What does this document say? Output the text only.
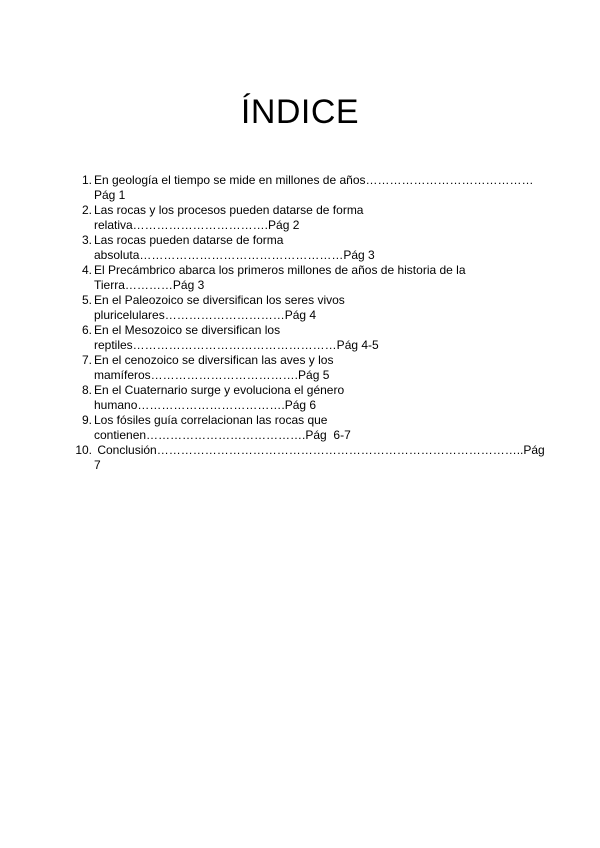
ÍNDICE
1. En geología el tiempo se mide en millones de años……………………………………
Pág 1
2. Las rocas y los procesos pueden datarse de forma
relativa…………………………….Pág 2
3. Las rocas pueden datarse de forma
absoluta……………………………………………Pág 3
4. El Precámbrico abarca los primeros millones de años de historia de la
Tierra…………Pág 3
5. En el Paleozoico se diversifican los seres vivos
pluricelulares…………………………Pág 4
6. En el Mesozoico se diversifican los
reptiles……………………………………………Pág 4-5
7. En el cenozoico se diversifican las aves y los
mamíferos……………………………….Pág 5
8. En el Cuaternario surge y evoluciona el género
humano……………………………….Pág 6
9. Los fósiles guía correlacionan las rocas que
contienen………………………………….Pág  6-7
10. Conclusión………………………………………………………………………………..Pág
7
